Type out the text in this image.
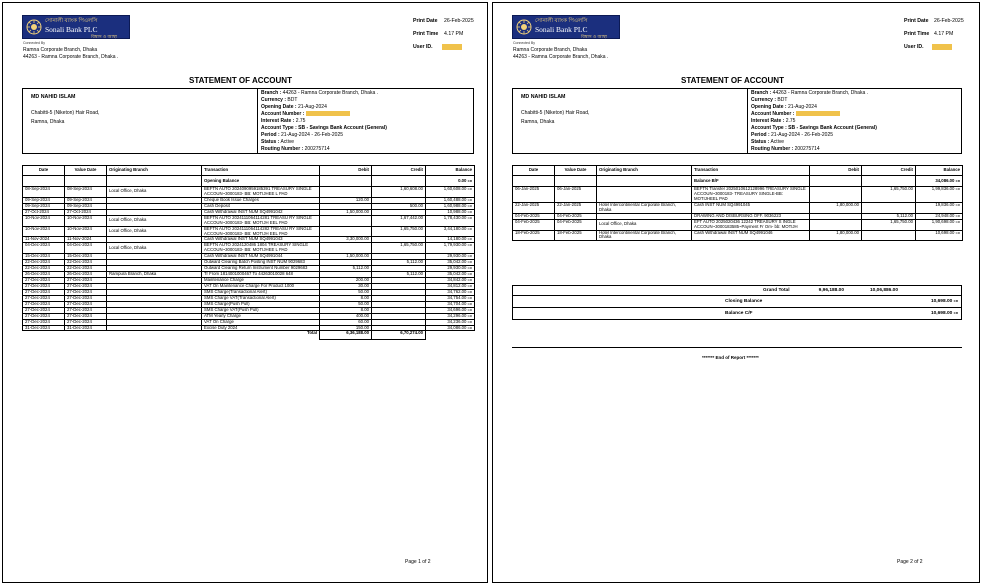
সোনালী ব্যাংক পিএলসি
Sonali Bank PLC
বিশ্বাস ও আস্থা
Connected By
Ramna Corporate Branch, Dhaka
44263 - Ramna Corporate Branch, Dhaka .
Print Date 26-Feb-2025
Print Time 4.17 PM
User ID.
STATEMENT OF ACCOUNT
MD NAHID ISLAM
Chabitti-5 (Niketon) Hair Road,
Ramna, Dhaka
Branch : 44263 - Ramna Corporate Branch, Dhaka .
Currency : BDT
Opening Date : 21-Aug-2024
Account Number :
Interest Rate : 2.75
Account Type : SB - Savings Bank Account (General)
Period : 21-Aug-2024 - 26-Feb-2025
Status : Active
Routing Number : 200275714
Date	Value Date	Originating Branch	Transaction	Debit	Credit	Balance
			Opening Balance			0.00 CR
08-Sep-2024	08-Sep-2024	Local Office, Dhaka	BEFTN AUTO 2024090959185391 TREASURY SINGLE ACCOUN~3000183- BB: MOTIJHEE L PAD		1,60,608.00	1,60,608.00 CR
09-Sep-2024	09-Sep-2024		Cheque Book Issue Charges	120.00		1,60,488.00 CR
09-Sep-2024	09-Sep-2024		Cash Deposit		500.00	1,60,988.00 CR
27-Oct-2024	27-Oct-2024		Cash Withdrawal INST NUM SQ4991042	1,50,000.00		10,988.00 CR
10-Nov-2024	10-Nov-2024	Local Office, Dhaka	BEFTN AUTO 2024111064114281 TREASU RY SINGLE ACCOUN~3000183- BB: MOTIJH EEL PAD		1,67,442.00	1,78,430.00 CR
10-Nov-2024	10-Nov-2024	Local Office, Dhaka	BEFTN AUTO 2024111064114282 TREASU RY SINGLE ACCOUN~3000183- BB: MOTIJH EEL PAD		1,65,750.00	3,44,180.00 CR
11-Nov-2024	11-Nov-2024		Cash Withdrawal INST NUM SQ4991043	3,30,000.00		14,180.00 CR
04-Dec-2024	04-Dec-2024	Local Office, Dhaka	BEFTN AUTO 2024120486 1804 TREASURY SINGLE ACCOUN~3000183- BB: MOTIJHEE L PAD		1,65,750.00	1,79,930.00 CR
15-Dec-2024	15-Dec-2024		Cash Withdrawal INST NUM SQ4991044	1,50,000.00		29,930.00 CR
22-Dec-2024	22-Dec-2024		Outward Clearing Batch Posting INST NUM 9029683		5,112.00	35,042.00 CR
22-Dec-2024	22-Dec-2024		Outward Clearing Return Instrument Number 9029683	5,112.00		29,930.00 CR
26-Dec-2024	26-Dec-2024	Rampura Branch, Dhaka	Tr From 1814001000467 To 44263010028 648		5,112.00	35,042.00 CR
27-Dec-2024	27-Dec-2024		Maintenance Charge	200.00		34,842.00 CR
27-Dec-2024	27-Dec-2024		VAT On Maintenance Charge For Product 1000	30.00		34,812.00 CR
27-Dec-2024	27-Dec-2024		SMS Charge(Transactional Alert)	50.00		34,762.00 CR
27-Dec-2024	27-Dec-2024		SMS Charge VAT(Transactional Alert)	8.00		34,754.00 CR
27-Dec-2024	27-Dec-2024		SMS Charge(Push Pull)	50.00		34,704.00 CR
27-Dec-2024	27-Dec-2024		SMS Charge VAT(Push Pull)	8.00		34,696.00 CR
27-Dec-2024	27-Dec-2024		ATM Yearly Charge	400.00		34,296.00 CR
27-Dec-2024	27-Dec-2024		VAT On Charge	60.00		34,236.00 CR
31-Dec-2024	31-Dec-2024		Excise Duty 2024	150.00		34,086.00 CR
			Total	6,36,188.00	6,70,274.00	
Page 1 of 2
সোনালী ব্যাংক পিএলসি
Sonali Bank PLC
বিশ্বাস ও আস্থা
Connected By
Ramna Corporate Branch, Dhaka
44263 - Ramna Corporate Branch, Dhaka .
Print Date 26-Feb-2025
Print Time 4.17 PM
User ID.
STATEMENT OF ACCOUNT
MD NAHID ISLAM
Chabitti-5 (Niketon) Hair Road,
Ramna, Dhaka
Branch : 44263 - Ramna Corporate Branch, Dhaka .
Currency : BDT
Opening Date : 21-Aug-2024
Account Number :
Interest Rate : 2.75
Account Type : SB - Savings Bank Account (General)
Period : 21-Aug-2024 - 26-Feb-2025
Status : Active
Routing Number : 200275714
Date	Value Date	Originating Branch	Transaction	Debit	Credit	Balance
			Balance B/F			34,086.00 CR
06-Jan-2025	06-Jan-2025		BEFTN Transfer 2025010612128996 TREASURY SINGLE ACCOUN~3000183- TREASURY SINGLE-BB: MOTIJHEEL PAD		1,65,750.00	1,99,836.00 CR
22-Jan-2025	22-Jan-2025	Hotel Intercontinental Corporate Branch, Dhaka	Cash INST NUM SQ4991045	1,80,000.00		19,836.00 CR
04-Feb-2025	04-Feb-2025		DRAWING AND DISBURSING OFF. 9036223		5,112.00	24,948.00 CR
04-Feb-2025	04-Feb-2025	Local Office, Dhaka	EFT AUTO 2025020436 12242 TREASURY S INGLE ACCOUN~3000183585~Payment Fr Om- bb: MOTIJH		1,65,750.00	1,90,698.00 CR
18-Feb-2025	18-Feb-2025	Hotel Intercontinental Corporate Branch, Dhaka	Cash Withdrawal INST NUM SQ4991046	1,80,000.00		10,698.00 CR
Grand Total	9,96,188.00	10,06,886.00
Closing Balance	10,698.00 CR
Balance C/F	10,698.00 CR
******* End of Report *******
Page 2 of 2
